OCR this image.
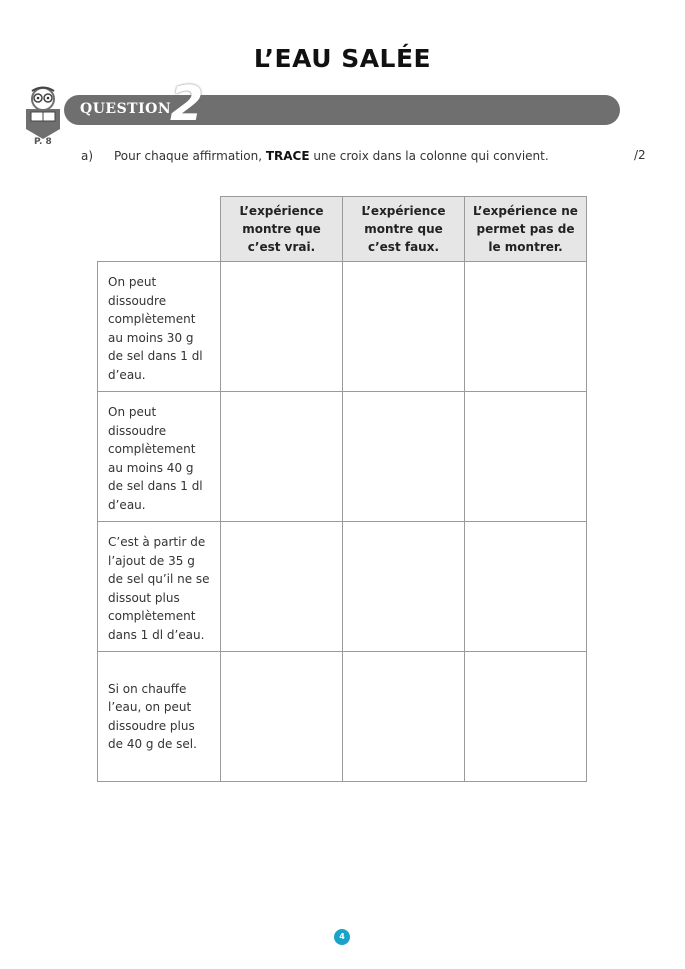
L’EAU SALÉE
P. 8
QUESTION
2
a) Pour chaque affirmation, TRACE une croix dans la colonne qui convient.	/2
	L’expérience montre que c’est vrai.	L’expérience montre que c’est faux.	L’expérience ne permet pas de le montrer.
On peut dissoudre complètement au moins 30 g de sel dans 1 dl d’eau.			
On peut dissoudre complètement au moins 40 g de sel dans 1 dl d’eau.			
C’est à partir de l’ajout de 35 g de sel qu’il ne se dissout plus complètement dans 1 dl d’eau.			
Si on chauffe l’eau, on peut dissoudre plus de 40 g de sel.			
4
